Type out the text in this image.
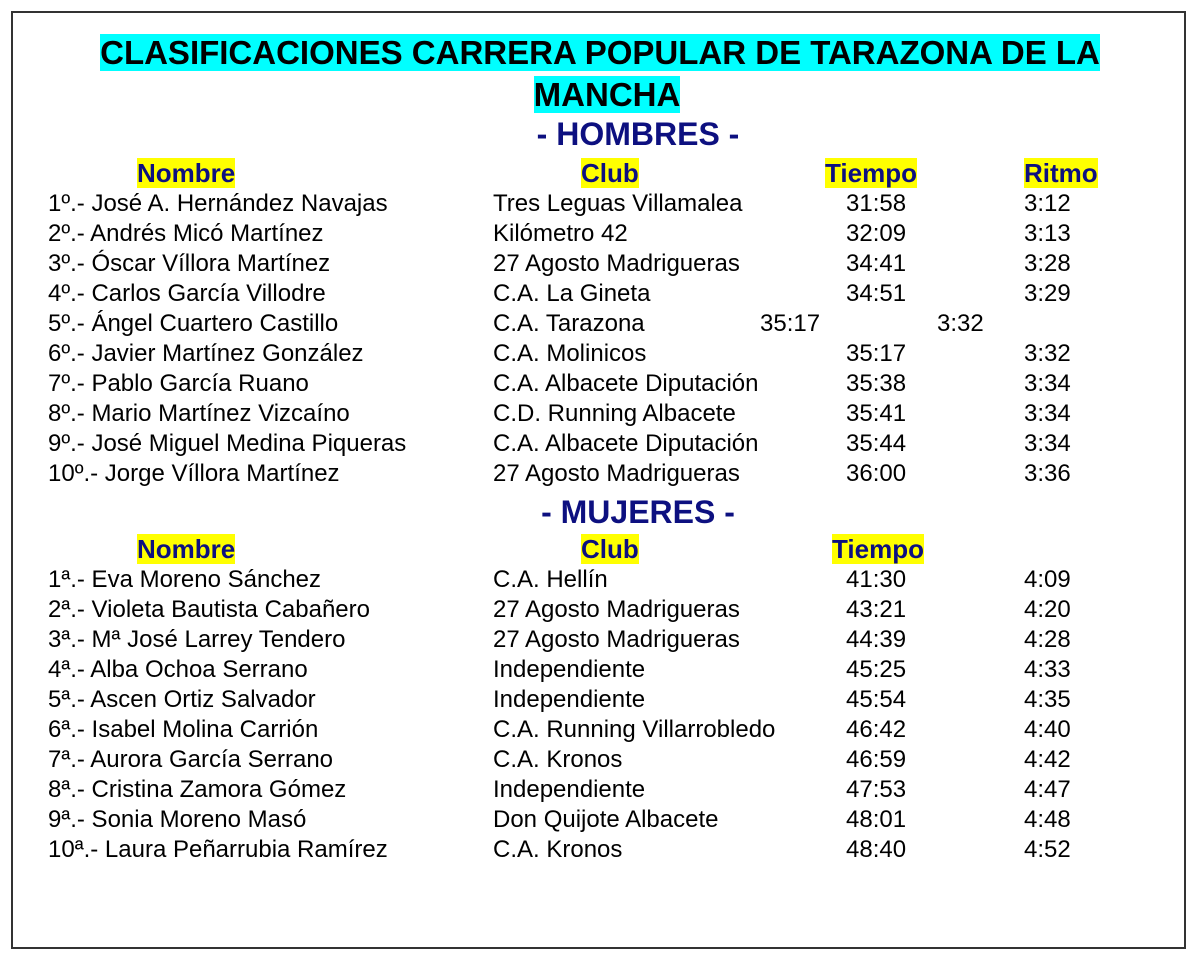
CLASIFICACIONES CARRERA POPULAR DE TARAZONA DE LA
MANCHA
- HOMBRES -
Nombre	Club	Tiempo	Ritmo
1º.- José A. Hernández Navajas	Tres Leguas Villamalea	31:58	3:12
2º.- Andrés Micó Martínez	Kilómetro 42	32:09	3:13
3º.- Óscar Víllora Martínez	27 Agosto Madrigueras	34:41	3:28
4º.- Carlos García Villodre	C.A. La Gineta	34:51	3:29
5º.- Ángel Cuartero Castillo	C.A. Tarazona	35:17	3:32
6º.- Javier Martínez González	C.A. Molinicos	35:17	3:32
7º.- Pablo García Ruano	C.A. Albacete Diputación	35:38	3:34
8º.- Mario Martínez Vizcaíno	C.D. Running Albacete	35:41	3:34
9º.- José Miguel Medina Piqueras	C.A. Albacete Diputación	35:44	3:34
10º.- Jorge Víllora Martínez	27 Agosto Madrigueras	36:00	3:36
- MUJERES -
Nombre	Club	Tiempo
1ª.- Eva Moreno Sánchez	C.A. Hellín	41:30	4:09
2ª.- Violeta Bautista Cabañero	27 Agosto Madrigueras	43:21	4:20
3ª.- Mª José Larrey Tendero	27 Agosto Madrigueras	44:39	4:28
4ª.- Alba Ochoa Serrano	Independiente	45:25	4:33
5ª.- Ascen Ortiz Salvador	Independiente	45:54	4:35
6ª.- Isabel Molina Carrión	C.A. Running Villarrobledo	46:42	4:40
7ª.- Aurora García Serrano	C.A. Kronos	46:59	4:42
8ª.- Cristina Zamora Gómez	Independiente	47:53	4:47
9ª.- Sonia Moreno Masó	Don Quijote Albacete	48:01	4:48
10ª.- Laura Peñarrubia Ramírez	C.A. Kronos	48:40	4:52
